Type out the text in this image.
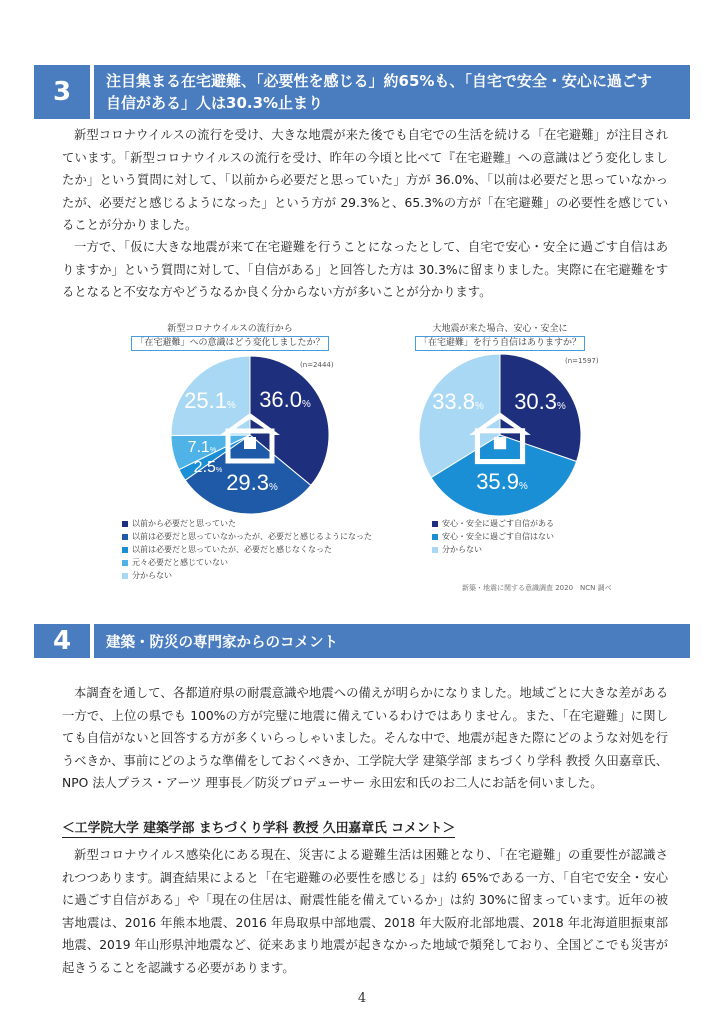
3	注目集まる在宅避難、「必要性を感じる」約65%も、「自宅で安全・安心に過ごす
自信がある」人は30.3%止まり

新型コロナウイルスの流行を受け、大きな地震が来た後でも自宅での生活を続ける「在宅避難」が注目されています。「新型コロナウイルスの流行を受け、昨年の今頃と比べて『在宅避難』への意識はどう変化しましたか」という質問に対して、「以前から必要だと思っていた」方が 36.0%、「以前は必要だと思っていなかったが、必要だと感じるようになった」という方が 29.3%と、65.3%の方が「在宅避難」の必要性を感じていることが分かりました。

一方で、「仮に大きな地震が来て在宅避難を行うことになったとして、自宅で安心・安全に過ごす自信はありますか」という質問に対して、「自信がある」と回答した方は 30.3%に留まりました。実際に在宅避難をするとなると不安な方やどうなるか良く分からない方が多いことが分かります。

新型コロナウイルスの流行から
「在宅避難」への意識はどう変化しましたか？
(n=2444)
36.0%
29.3%
2.5%
7.1%
25.1%
以前から必要だと思っていた
以前は必要だと思っていなかったが、必要だと感じるようになった
以前は必要だと思っていたが、必要だと感じなくなった
元々必要だと感じていない
分からない
大地震が来た場合、安心・安全に
「在宅避難」を行う自信はありますか？
(n=1597)
30.3%
35.9%
33.8%
安心・安全に過ごす自信がある
安心・安全に過ごす自信はない
分からない
新築・地震に関する意識調査 2020　NCN 調べ
4	建築・防災の専門家からのコメント

本調査を通して、各都道府県の耐震意識や地震への備えが明らかになりました。地域ごとに大きな差がある一方で、上位の県でも 100%の方が完璧に地震に備えているわけではありません。また、「在宅避難」に関しても自信がないと回答する方が多くいらっしゃいました。そんな中で、地震が起きた際にどのような対処を行うべきか、事前にどのような準備をしておくべきか、工学院大学 建築学部 まちづくり学科 教授 久田嘉章氏、NPO 法人プラス・アーツ 理事長／防災プロデューサー 永田宏和氏のお二人にお話を伺いました。

＜工学院大学 建築学部 まちづくり学科 教授 久田嘉章氏 コメント＞

新型コロナウイルス感染化にある現在、災害による避難生活は困難となり、「在宅避難」の重要性が認識されつつあります。調査結果によると「在宅避難の必要性を感じる」は約 65%である一方、「自宅で安全・安心に過ごす自信がある」や「現在の住居は、耐震性能を備えているか」は約 30%に留まっています。近年の被害地震は、2016 年熊本地震、2016 年鳥取県中部地震、2018 年大阪府北部地震、2018 年北海道胆振東部地震、2019 年山形県沖地震など、従来あまり地震が起きなかった地域で頻発しており、全国どこでも災害が起きうることを認識する必要があります。

4
